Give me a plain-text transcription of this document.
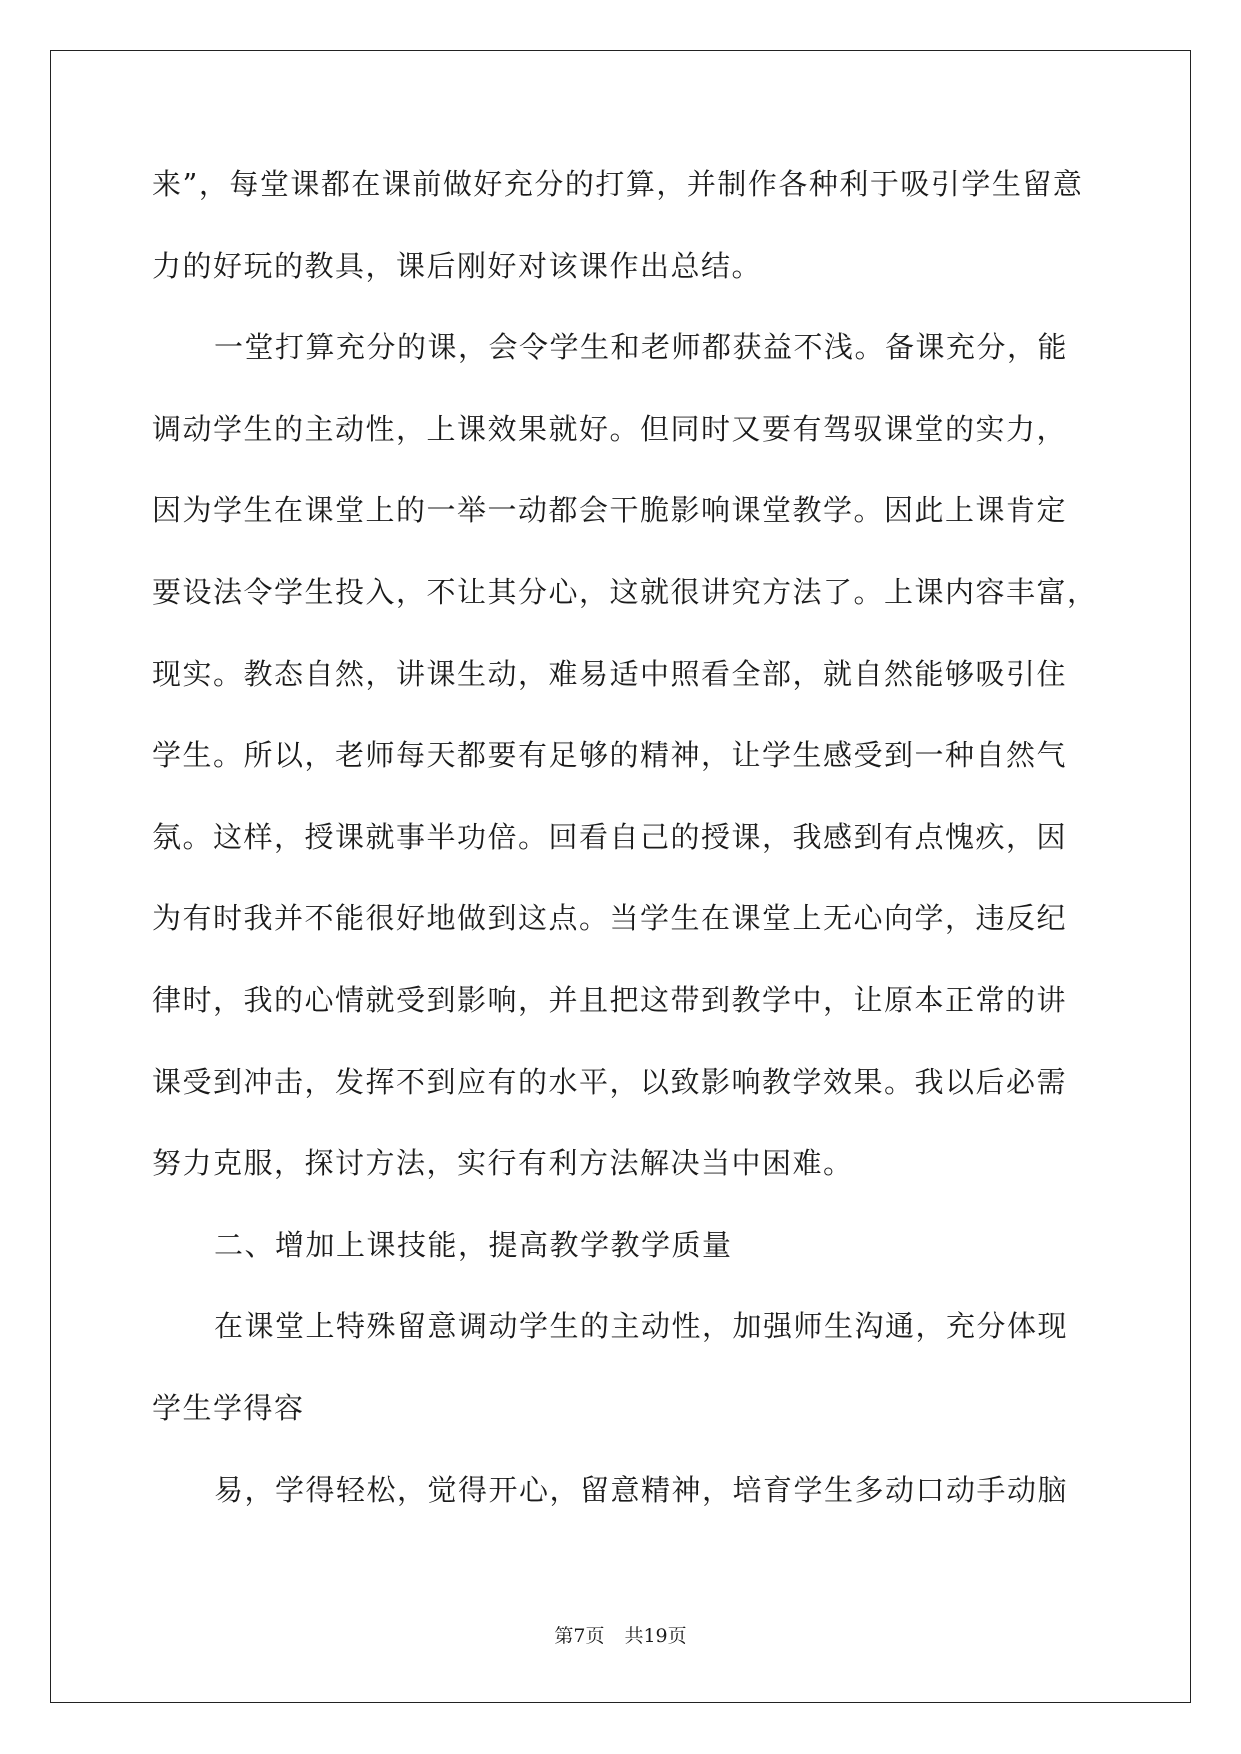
来”，每堂课都在课前做好充分的打算，并制作各种利于吸引学生留意
力的好玩的教具，课后刚好对该课作出总结。
一堂打算充分的课，会令学生和老师都获益不浅。备课充分，能
调动学生的主动性，上课效果就好。但同时又要有驾驭课堂的实力，
因为学生在课堂上的一举一动都会干脆影响课堂教学。因此上课肯定
要设法令学生投入，不让其分心，这就很讲究方法了。上课内容丰富，
现实。教态自然，讲课生动，难易适中照看全部，就自然能够吸引住
学生。所以，老师每天都要有足够的精神，让学生感受到一种自然气
氛。这样，授课就事半功倍。回看自己的授课，我感到有点愧疚，因
为有时我并不能很好地做到这点。当学生在课堂上无心向学，违反纪
律时，我的心情就受到影响，并且把这带到教学中，让原本正常的讲
课受到冲击，发挥不到应有的水平，以致影响教学效果。我以后必需
努力克服，探讨方法，实行有利方法解决当中困难。
二、增加上课技能，提高教学教学质量
在课堂上特殊留意调动学生的主动性，加强师生沟通，充分体现
学生学得容
易，学得轻松，觉得开心，留意精神，培育学生多动口动手动脑
第7页 共19页
